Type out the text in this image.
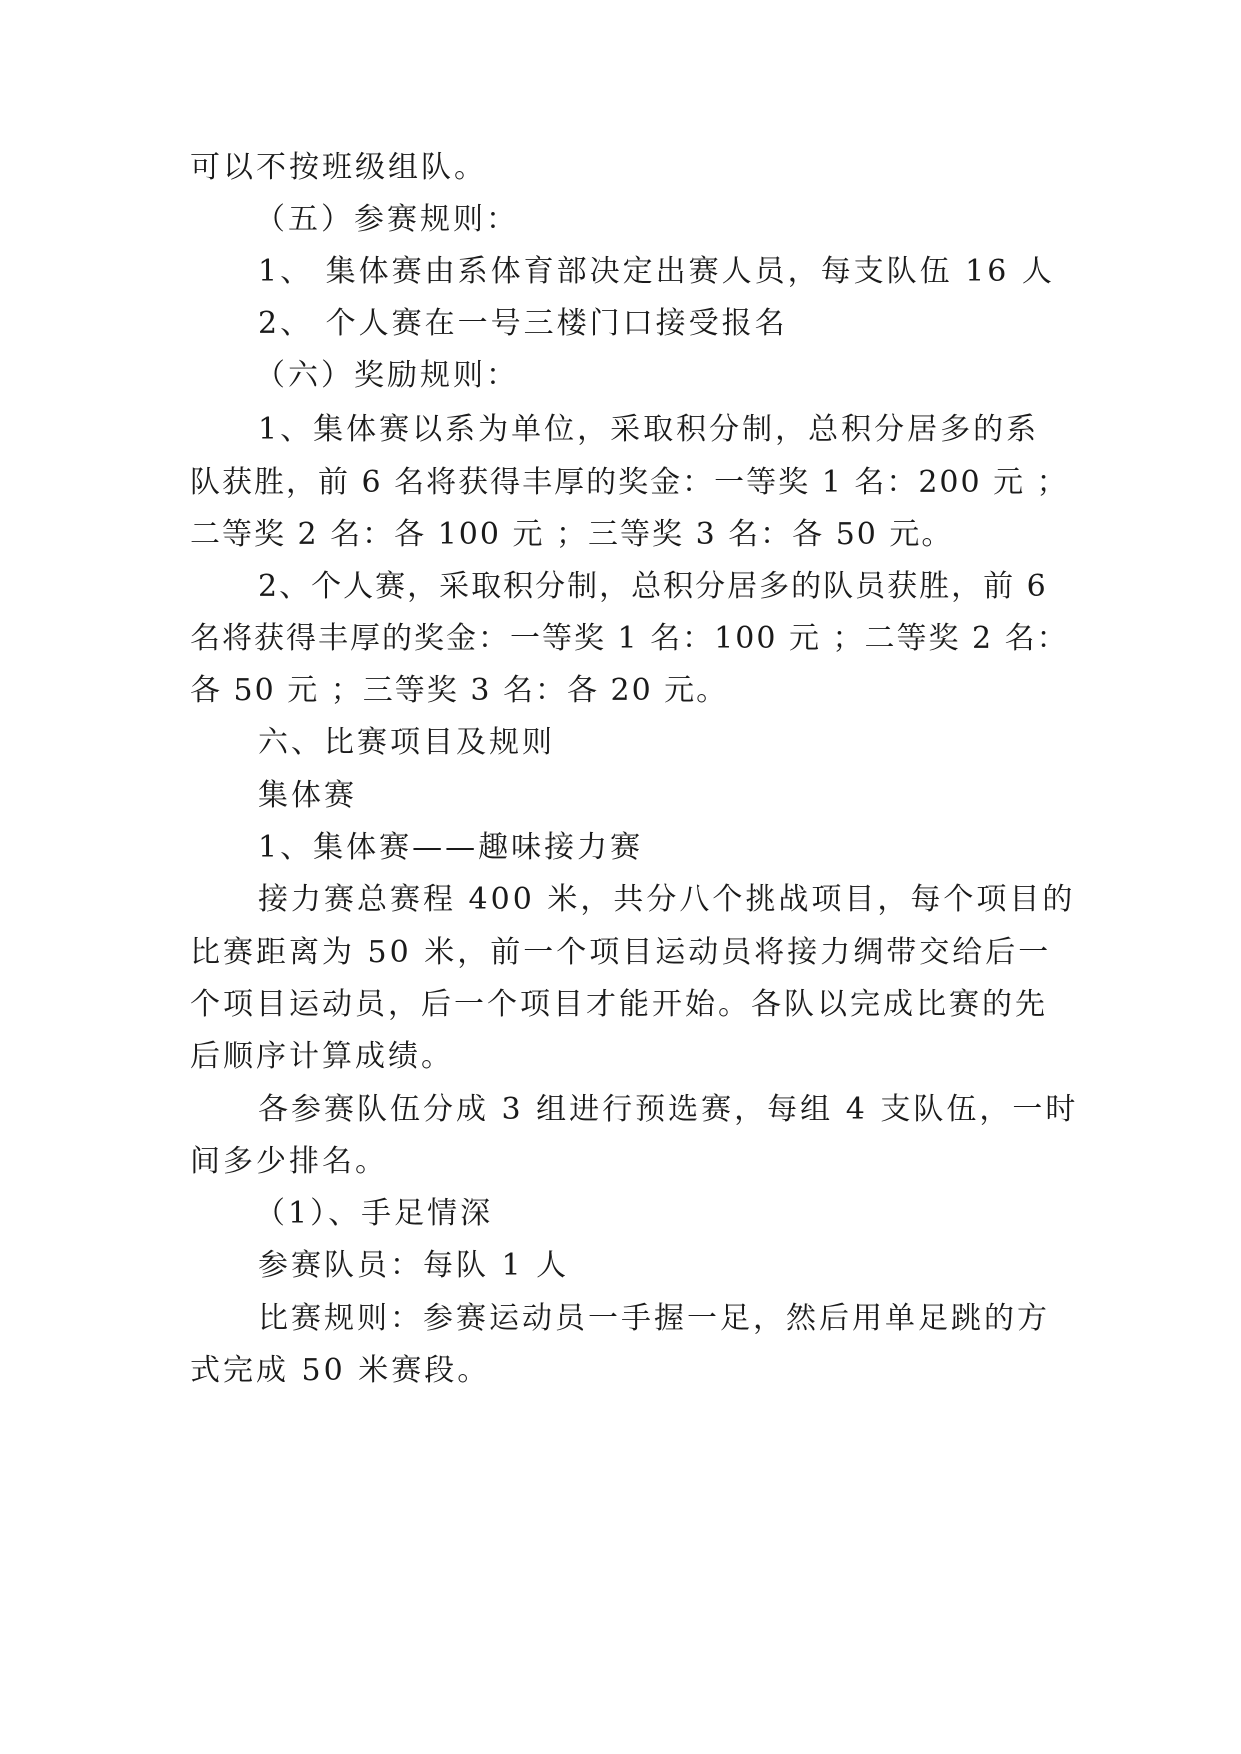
可以不按班级组队。

（五）参赛规则：

1、 集体赛由系体育部决定出赛人员，每支队伍 16 人

2、 个人赛在一号三楼门口接受报名

（六）奖励规则：

1、集体赛以系为单位，采取积分制，总积分居多的系

队获胜，前 6 名将获得丰厚的奖金：一等奖 1 名：200 元 ；

二等奖 2 名：各 100 元 ；三等奖 3 名：各 50 元。

2、个人赛，采取积分制，总积分居多的队员获胜，前 6

名将获得丰厚的奖金：一等奖 1 名：100 元 ；二等奖 2 名：

各 50 元 ；三等奖 3 名：各 20 元。

六、比赛项目及规则

集体赛

1、集体赛——趣味接力赛

接力赛总赛程 400 米，共分八个挑战项目，每个项目的

比赛距离为 50 米，前一个项目运动员将接力绸带交给后一

个项目运动员，后一个项目才能开始。各队以完成比赛的先

后顺序计算成绩。

各参赛队伍分成 3 组进行预选赛，每组 4 支队伍，一时

间多少排名。

（1）、手足情深

参赛队员：每队 1 人

比赛规则：参赛运动员一手握一足，然后用单足跳的方

式完成 50 米赛段。
